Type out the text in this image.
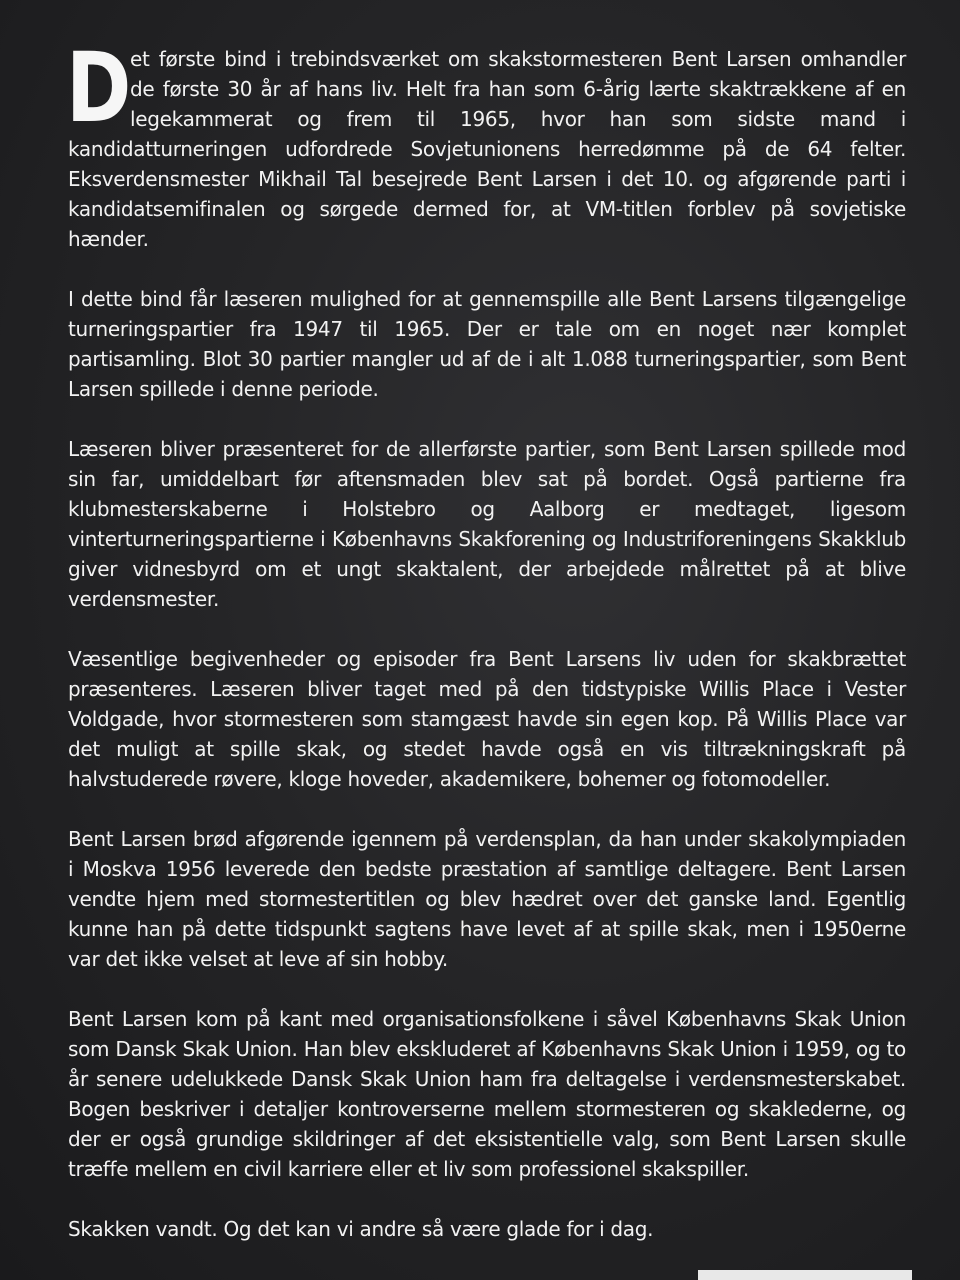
Det første bind i trebindsværket om skakstormesteren Bent Larsen omhandler de første 30 år af hans liv. Helt fra han som 6-årig lærte skaktrækkene af en legekammerat og frem til 1965, hvor han som sidste mand i kandidatturneringen udfordrede Sovjetunionens herredømme på de 64 felter. Eksverdensmester Mikhail Tal besejrede Bent Larsen i det 10. og afgørende parti i kandidatsemifinalen og sørgede dermed for, at VM-titlen forblev på sovjetiske hænder.

I dette bind får læseren mulighed for at gennemspille alle Bent Larsens tilgængelige turneringspartier fra 1947 til 1965. Der er tale om en noget nær komplet partisamling. Blot 30 partier mangler ud af de i alt 1.088 turneringspartier, som Bent Larsen spillede i denne periode.

Læseren bliver præsenteret for de allerførste partier, som Bent Larsen spillede mod sin far, umiddelbart før aftensmaden blev sat på bordet. Også partierne fra klubmesterskaberne i Holstebro og Aalborg er medtaget, ligesom vinterturneringspartierne i Københavns Skakforening og Industriforeningens Skakklub giver vidnesbyrd om et ungt skaktalent, der arbejdede målrettet på at blive verdensmester.

Væsentlige begivenheder og episoder fra Bent Larsens liv uden for skakbrættet præsenteres. Læseren bliver taget med på den tidstypiske Willis Place i Vester Voldgade, hvor stormesteren som stamgæst havde sin egen kop. På Willis Place var det muligt at spille skak, og stedet havde også en vis tiltrækningskraft på halvstuderede røvere, kloge hoveder, akademikere, bohemer og fotomodeller.

Bent Larsen brød afgørende igennem på verdensplan, da han under skakolympiaden i Moskva 1956 leverede den bedste præstation af samtlige deltagere. Bent Larsen vendte hjem med stormestertitlen og blev hædret over det ganske land. Egentlig kunne han på dette tidspunkt sagtens have levet af at spille skak, men i 1950erne var det ikke velset at leve af sin hobby.

Bent Larsen kom på kant med organisationsfolkene i såvel Københavns Skak Union som Dansk Skak Union. Han blev ekskluderet af Københavns Skak Union i 1959, og to år senere udelukkede Dansk Skak Union ham fra deltagelse i verdensmesterskabet. Bogen beskriver i detaljer kontroverserne mellem stormesteren og skaklederne, og der er også grundige skildringer af det eksistentielle valg, som Bent Larsen skulle træffe mellem en civil karriere eller et liv som professionel skakspiller.

Skakken vandt. Og det kan vi andre så være glade for i dag.
